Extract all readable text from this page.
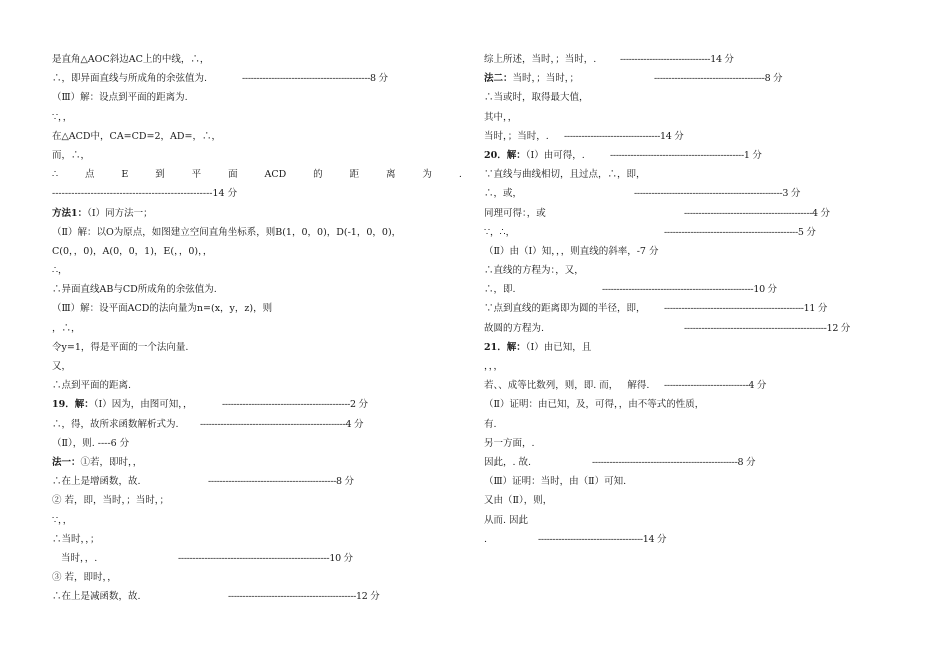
是直角△AOC斜边AC上的中线，∴，
∴，即异面直线与所成角的余弦值为.	--------------------------------------------8 分
（Ⅲ）解：设点到平面的距离为.
∵，，
在△ACD中，CA=CD=2，AD=，∴，
而，∴，
∴	点	E	到	平	面	ACD	的	距	离	为	.
--------------------------------------------------14 分
方法1：（Ⅰ）同方法一；
（Ⅱ）解：以O为原点，如图建立空间直角坐标系，则B(1，0，0)，D(-1，0，0)，
C(0，，0)，A(0，0，1)，E(，，0)，，
∴，
∴异面直线AB与CD所成角的余弦值为.
（Ⅲ）解：设平面ACD的法向量为n=(x，y，z)，则
，∴，
令y=1，得是平面的一个法向量.
又，
∴点到平面的距离.
19．解：（Ⅰ）因为，由图可知，，	--------------------------------------------2 分
∴，得，故所求函数解析式为. --------------------------------------------------4 分
（Ⅱ），则. ----6 分
法一：①若，即时，，
∴在上是增函数，故.	--------------------------------------------8 分
② 若，即，当时，；当时，；
∵，，
∴当时，，；
当时，，.	----------------------------------------------------10 分
③ 若，即时，，
∴在上是减函数，故.	--------------------------------------------12 分
综上所述，当时，；当时，. -------------------------------14 分
法二：当时，；当时，；	--------------------------------------8 分
∴当或时，取得最大值，
其中，，
当时，；当时，. ---------------------------------14 分
20．解：（Ⅰ）由可得，.	----------------------------------------------1 分
∵直线与曲线相切，且过点，∴，即，
∴，或，	---------------------------------------------------3 分
同理可得：，或	--------------------------------------------4 分
∵，∴，	----------------------------------------------5 分
（Ⅱ）由（Ⅰ）知，，，则直线的斜率，-7 分
∴直线的方程为：，又，
∴，即.	----------------------------------------------------10 分
∵点到直线的距离即为圆的半径，即， ------------------------------------------------11 分
故圆的方程为.	-------------------------------------------------12 分
21．解：（Ⅰ）由已知，且
，，，
若、、成等比数列，则，即. 而，   解得. -----------------------------4 分
（Ⅱ）证明：由已知，及，可得，，由不等式的性质，
有.
另一方面，.
因此，. 故.	--------------------------------------------------8 分
（Ⅲ）证明：当时，由（Ⅱ）可知.
又由（Ⅱ），则，
从而. 因此
.	------------------------------------14 分
